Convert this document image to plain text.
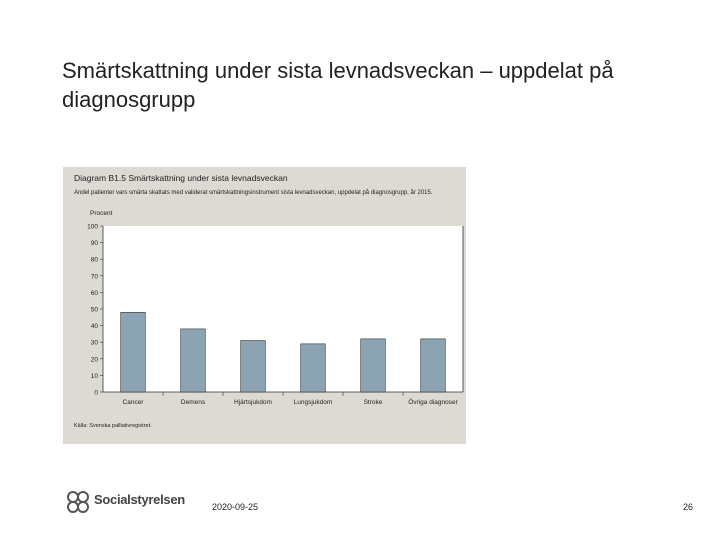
Smärtskattning under sista levnadsveckan – uppdelat på diagnosgrupp
Diagram B1.5 Smärtskattning under sista levnadsveckan
Andel patienter vars smärta skattats med validerat smärtskattningsinstrument sista levnadsveckan, uppdelat på diagnosgrupp, år 2015.
Procent
0
10
20
30
40
50
60
70
80
90
100
Cancer	Demens	Hjärtsjukdom	Lungsjukdom	Stroke	Övriga diagnoser
Källa: Svenska palliativregistret.
Socialstyrelsen	2020-09-25	26
